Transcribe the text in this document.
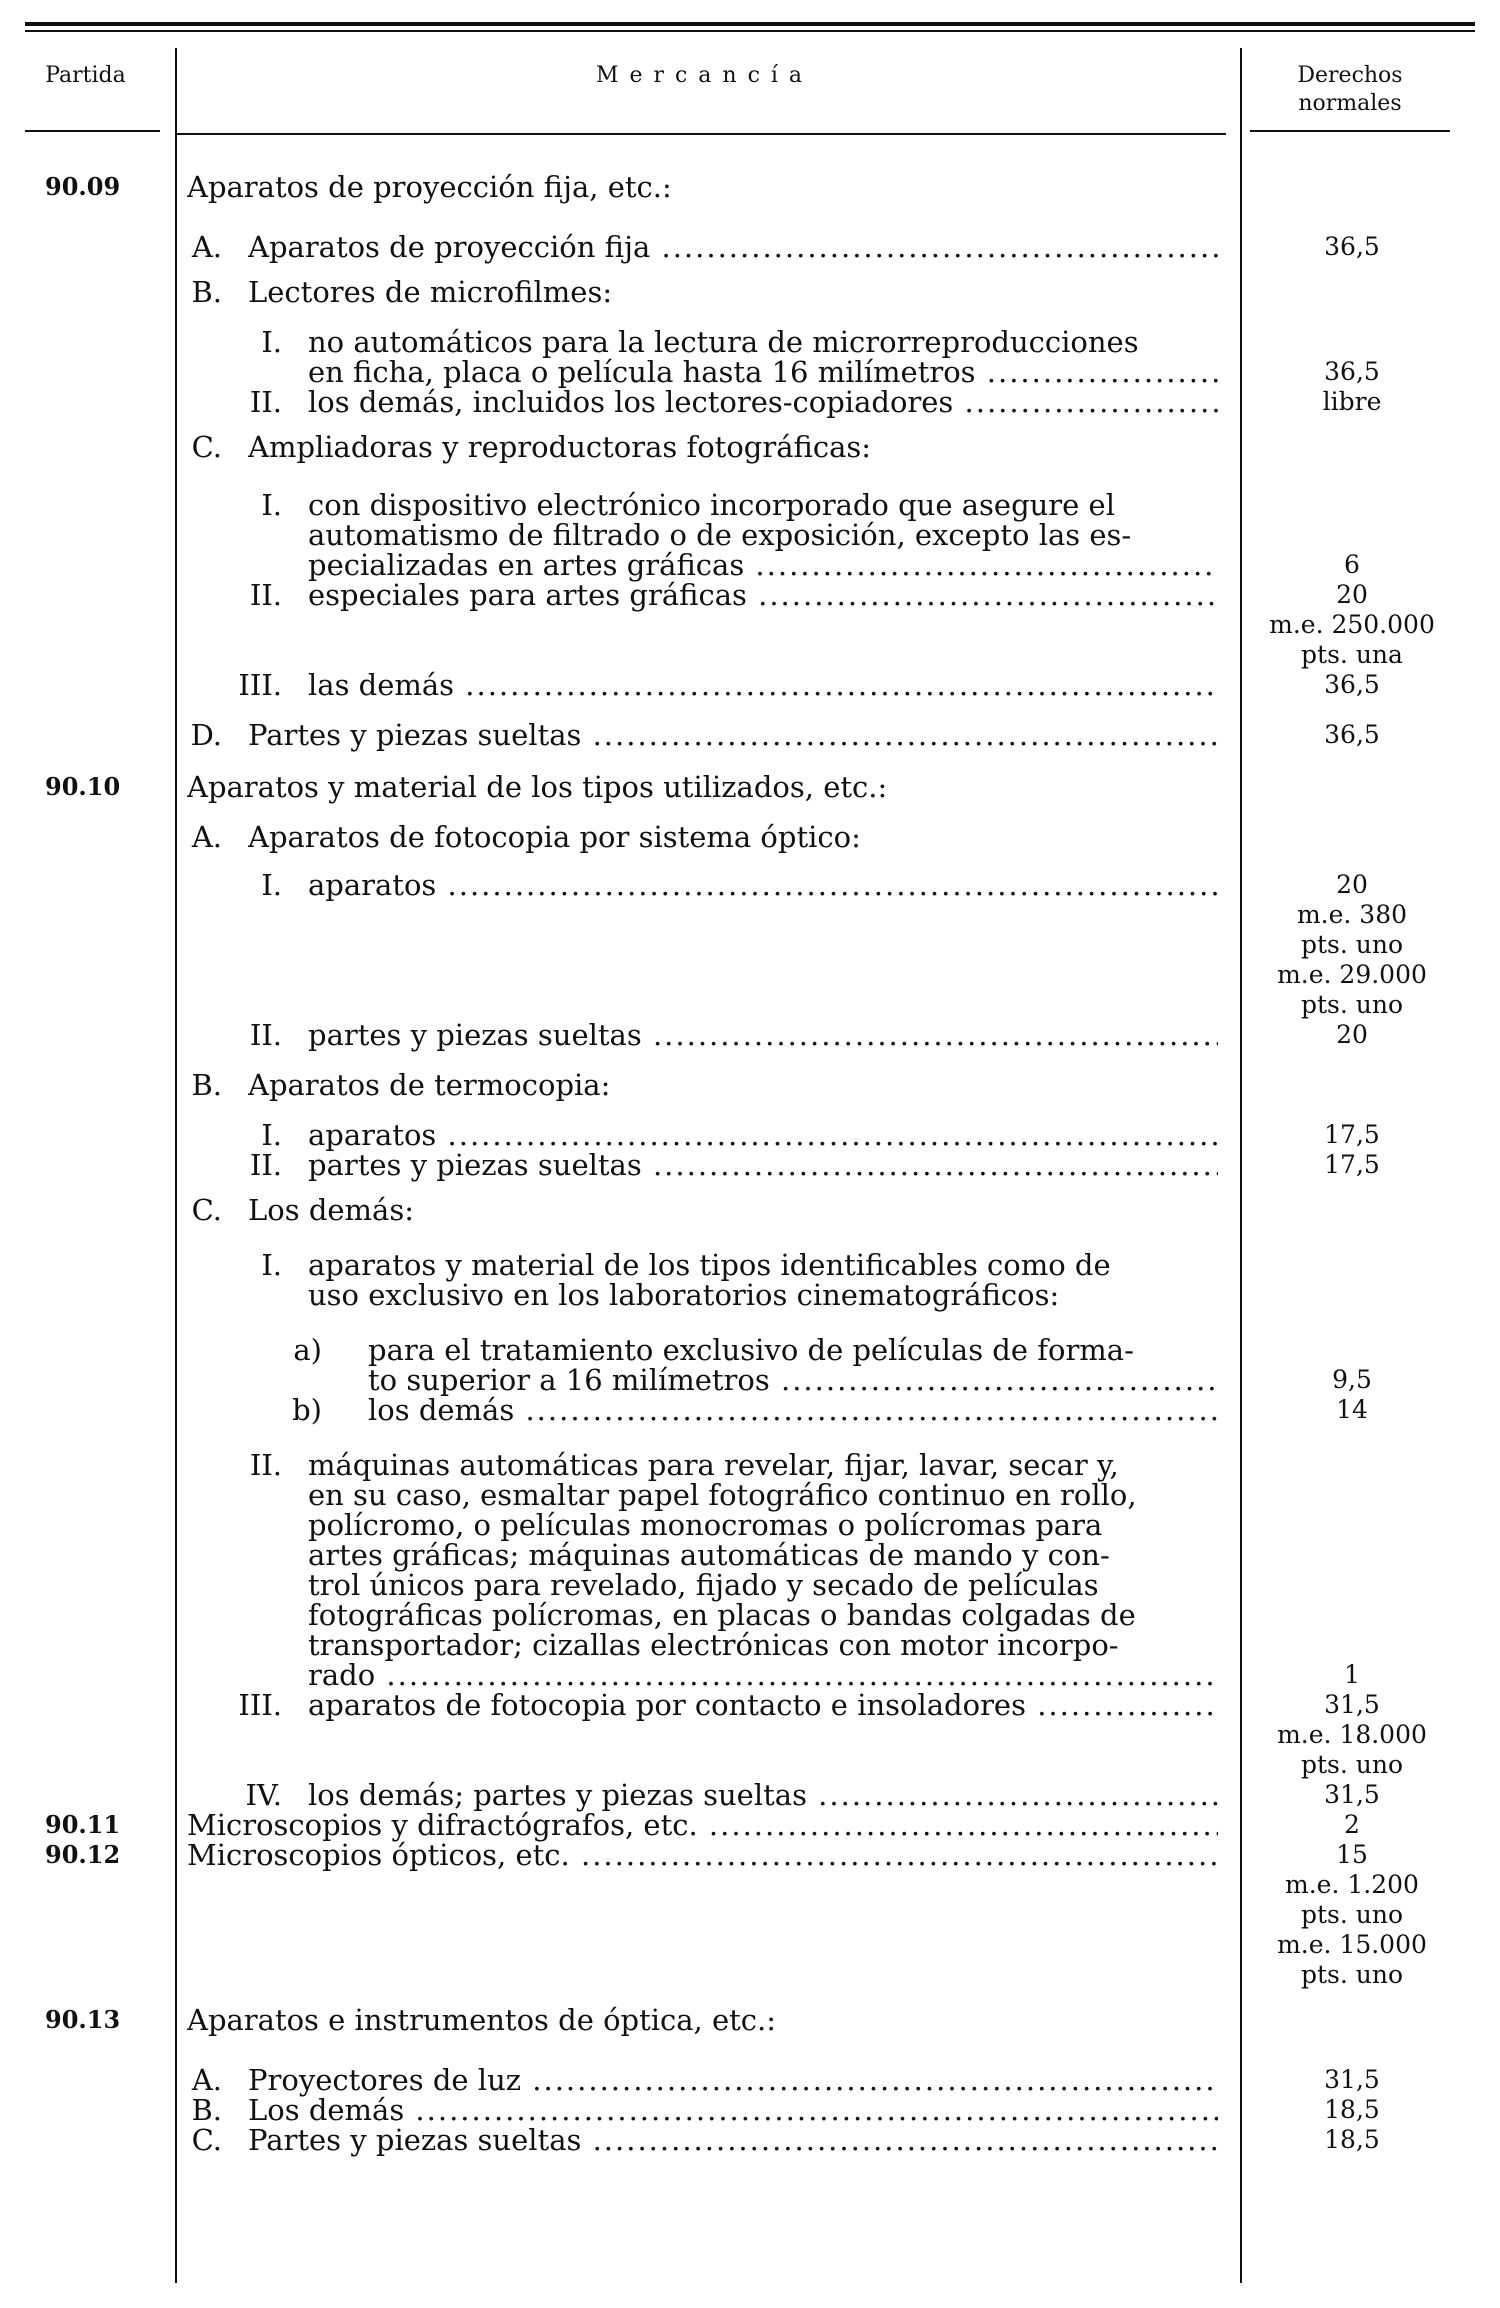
Partida	M e r c a n c í a	Derechos
normales
90.09	Aparatos de proyección fija, etc.:
A. Aparatos de proyección fija .....	36,5
B. Lectores de microfilmes:
I. no automáticos para la lectura de microrreproducciones
en ficha, placa o película hasta 16 milímetros .....	36,5
II. los demás, incluidos los lectores-copiadores .....	libre
C. Ampliadoras y reproductoras fotográficas:
I. con dispositivo electrónico incorporado que asegure el
automatismo de filtrado o de exposición, excepto las es-
pecializadas en artes gráficas .....	6
II. especiales para artes gráficas .....	20
m.e. 250.000
pts. una
III. las demás .....	36,5
D. Partes y piezas sueltas .....	36,5
90.10	Aparatos y material de los tipos utilizados, etc.:
A. Aparatos de fotocopia por sistema óptico:
I. aparatos .....	20
m.e. 380
pts. uno
m.e. 29.000
pts. uno
II. partes y piezas sueltas .....	20
B. Aparatos de termocopia:
I. aparatos .....	17,5
II. partes y piezas sueltas .....	17,5
C. Los demás:
I. aparatos y material de los tipos identificables como de
uso exclusivo en los laboratorios cinematográficos:
a) para el tratamiento exclusivo de películas de forma-
to superior a 16 milímetros .....	9,5
b) los demás .....	14
II. máquinas automáticas para revelar, fijar, lavar, secar y,
en su caso, esmaltar papel fotográfico continuo en rollo,
polícromo, o películas monocromas o polícromas para
artes gráficas; máquinas automáticas de mando y con-
trol únicos para revelado, fijado y secado de películas
fotográficas polícromas, en placas o bandas colgadas de
transportador; cizallas electrónicas con motor incorpo-
rado .....	1
III. aparatos de fotocopia por contacto e insoladores .....	31,5
m.e. 18.000
pts. uno
IV. los demás; partes y piezas sueltas .....	31,5
90.11	Microscopios y difractógrafos, etc. .....	2
90.12	Microscopios ópticos, etc. .....	15
m.e. 1.200
pts. uno
m.e. 15.000
pts. uno
90.13	Aparatos e instrumentos de óptica, etc.:
A. Proyectores de luz .....	31,5
B. Los demás .....	18,5
C. Partes y piezas sueltas .....	18,5
